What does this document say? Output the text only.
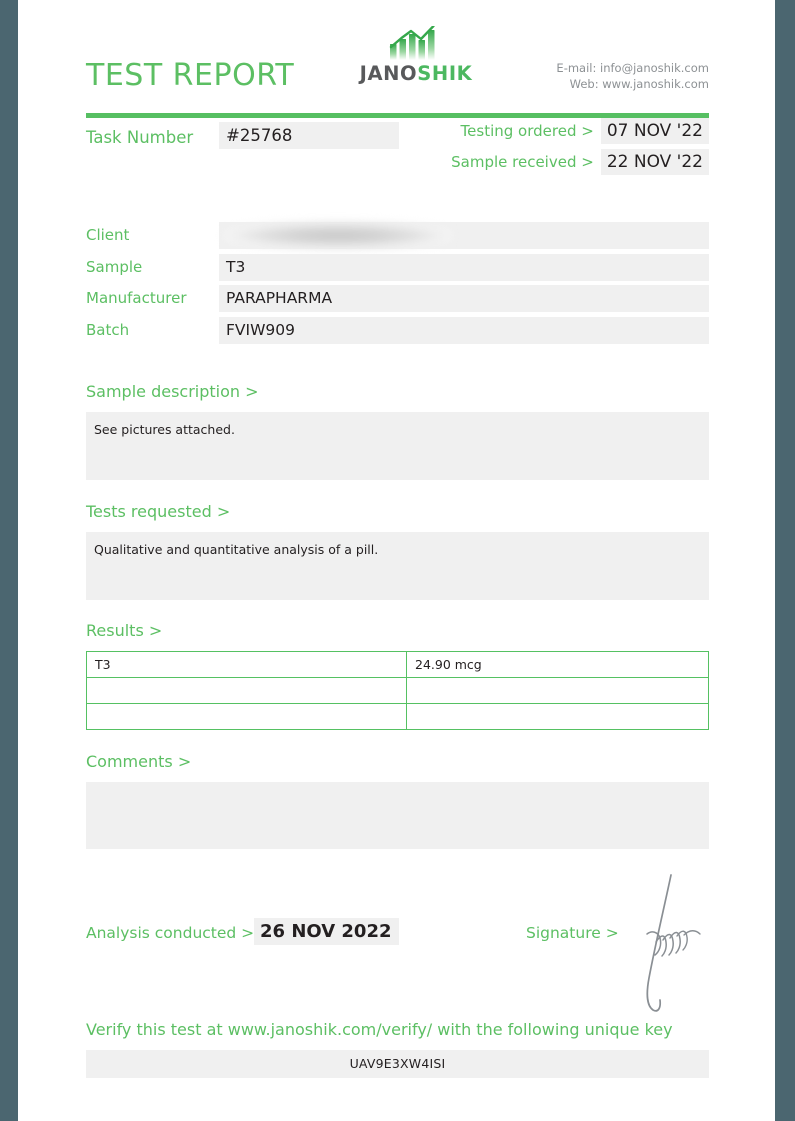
TEST REPORT	JANOSHIK	E-mail: info@janoshik.com
Web: www.janoshik.com
Task Number	#25768	Testing ordered > 07 NOV '22
Sample received > 22 NOV '22
Client
Sample	T3
Manufacturer	PARAPHARMA
Batch	FVIW909
Sample description >
See pictures attached.
Tests requested >
Qualitative and quantitative analysis of a pill.
Results >
T3	24.90 mcg

Comments >
Analysis conducted > 26 NOV 2022	Signature >
Verify this test at www.janoshik.com/verify/ with the following unique key
UAV9E3XW4ISI
